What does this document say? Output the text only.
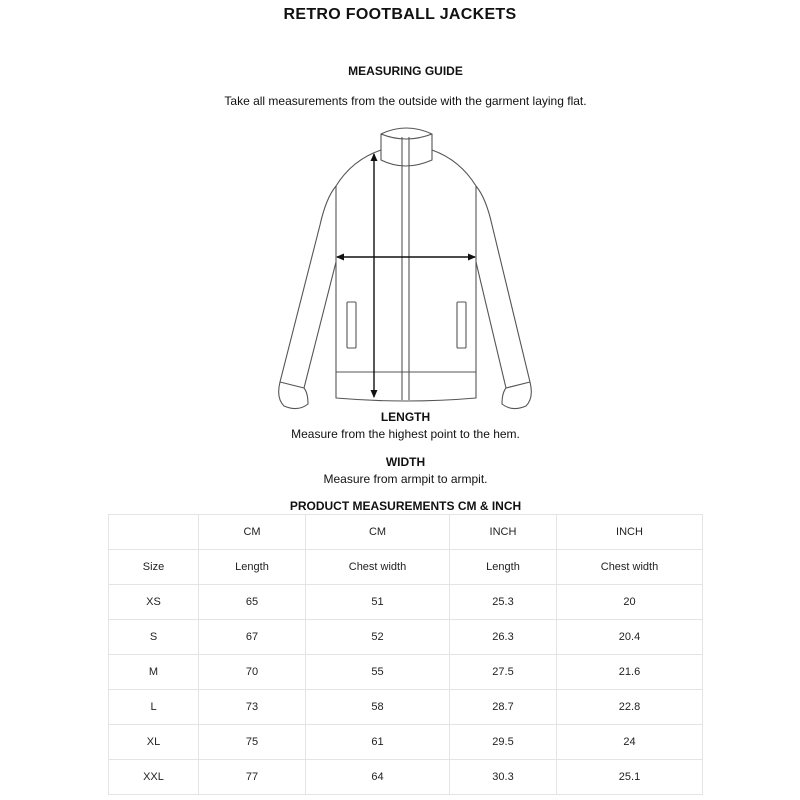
RETRO FOOTBALL JACKETS
MEASURING GUIDE
Take all measurements from the outside with the garment laying flat.
LENGTH
Measure from the highest point to the hem.
WIDTH
Measure from armpit to armpit.
PRODUCT MEASUREMENTS CM & INCH
	CM	CM	INCH	INCH
Size	Length	Chest width	Length	Chest width
XS	65	51	25.3	20
S	67	52	26.3	20.4
M	70	55	27.5	21.6
L	73	58	28.7	22.8
XL	75	61	29.5	24
XXL	77	64	30.3	25.1
